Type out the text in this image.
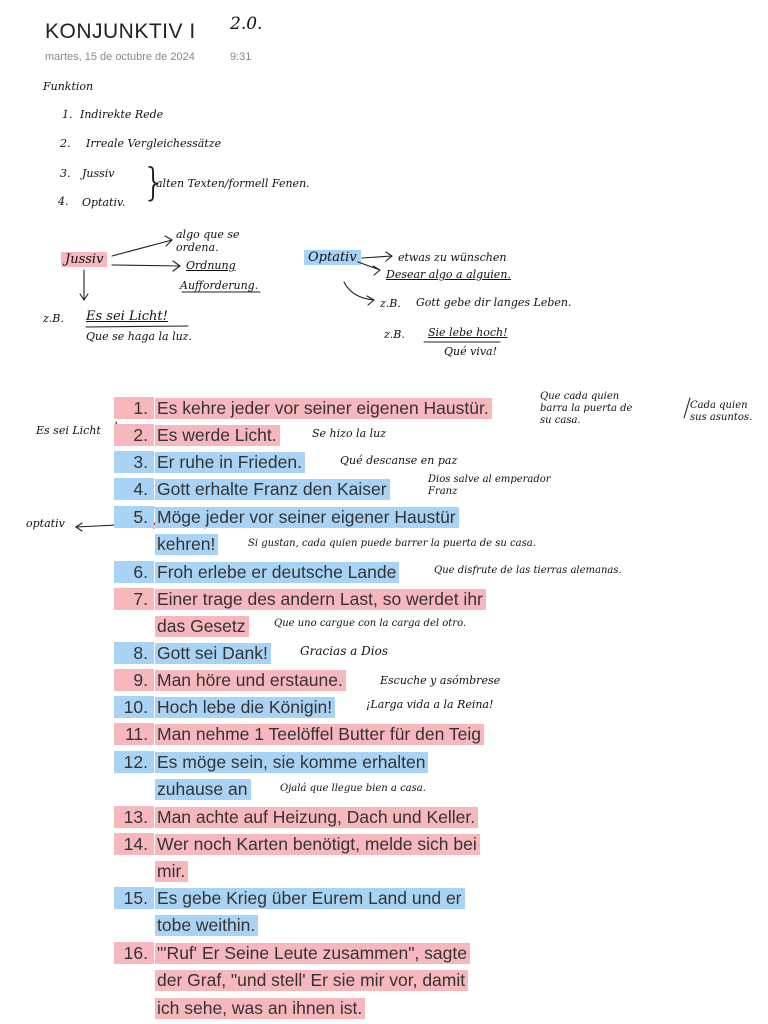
KONJUNKTIV I 2.0.
martes, 15 de octubre de 2024	9:31
Funktion
1. Indirekte Rede
2. Irreale Vergleichessätze
3. Jussiv
4. Optativ. }
alten Texten/formell Fenen.
Jussiv
algo que se ordena.
Ordnung
Aufforderung.
z.B. Es sei Licht!
Que se haga la luz.
Optativ	etwas zu wünschen
Desear algo a alguien.
z.B. Gott gebe dir langes Leben.
z.B. Sie lebe hoch!
Qué viva!
Es sei Licht
optativ
1. Es kehre jeder vor seiner eigenen Haustür.
2. Es werde Licht.
3. Er ruhe in Frieden.
4. Gott erhalte Franz den Kaiser
5. Möge jeder vor seiner eigener Haustür
kehren!
6. Froh erlebe er deutsche Lande
7. Einer trage des andern Last, so werdet ihr
das Gesetz
8. Gott sei Dank!
9. Man höre und erstaune.
10. Hoch lebe die Königin!
11. Man nehme 1 Teelöffel Butter für den Teig
12. Es möge sein, sie komme erhalten
zuhause an
13. Man achte auf Heizung, Dach und Keller.
14. Wer noch Karten benötigt, melde sich bei
mir.
15. Es gebe Krieg über Eurem Land und er
tobe weithin.
16. "'Ruf' Er Seine Leute zusammen", sagte
der Graf, "und stell' Er sie mir vor, damit
ich sehe, was an ihnen ist.
Que cada quien barra la puerta de su casa.
Cada quien sus asuntos.
Se hizo la luz
Qué descanse en paz
Dios salve al emperador Franz
Si gustan, cada quien puede barrer la puerta de su casa.
Que disfrute de las tierras alemanas.
Que uno cargue con la carga del otro.
Gracias a Dios
Escuche y asómbrese
¡Larga vida a la Reina!
Ojalá que llegue bien a casa.
